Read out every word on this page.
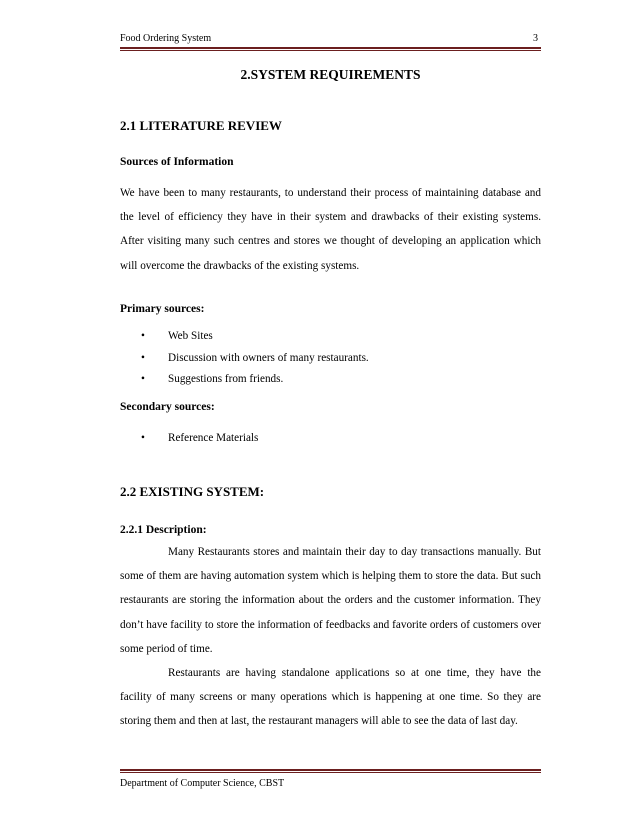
Food Ordering System	3
2.SYSTEM REQUIREMENTS
2.1 LITERATURE REVIEW
Sources of Information
We have been to many restaurants, to understand their process of maintaining database and the level of efficiency they have in their system and drawbacks of their existing systems. After visiting many such centres and stores we thought of developing an application which will overcome the drawbacks of the existing systems.
Primary sources:
• Web Sites
• Discussion with owners of many restaurants.
• Suggestions from friends.
Secondary sources:
• Reference Materials
2.2 EXISTING SYSTEM:
2.2.1 Description:
Many Restaurants stores and maintain their day to day transactions manually. But some of them are having automation system which is helping them to store the data. But such restaurants are storing the information about the orders and the customer information. They don’t have facility to store the information of feedbacks and favorite orders of customers over some period of time.
Restaurants are having standalone applications so at one time, they have the facility of many screens or many operations which is happening at one time. So they are storing them and then at last, the restaurant managers will able to see the data of last day.
Department of Computer Science, CBST
